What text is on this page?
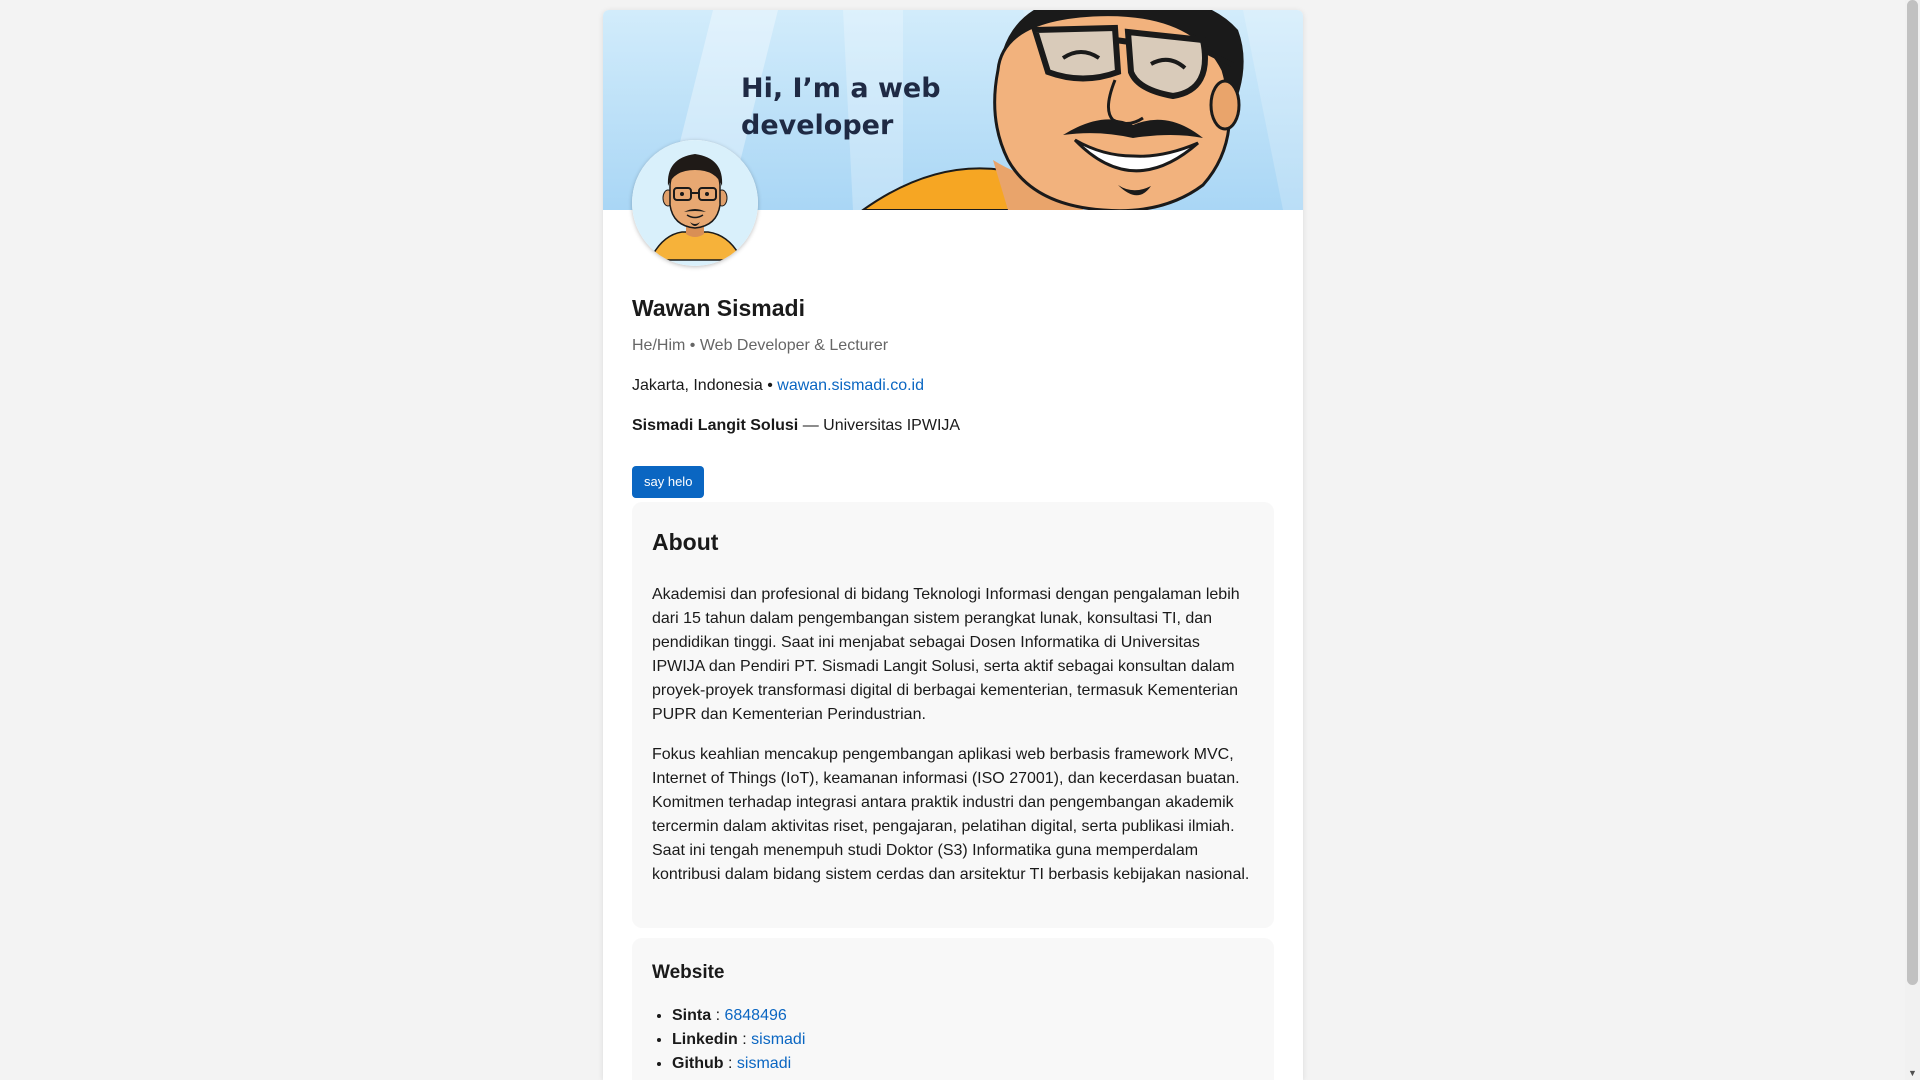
Hi, I’m a web developer
Wawan Sismadi

He/Him • Web Developer & Lecturer

Jakarta, Indonesia • wawan.sismadi.co.id

Sismadi Langit Solusi — Universitas IPWIJA

say helo
About

Akademisi dan profesional di bidang Teknologi Informasi dengan pengalaman lebih dari 15 tahun dalam pengembangan sistem perangkat lunak, konsultasi TI, dan pendidikan tinggi. Saat ini menjabat sebagai Dosen Informatika di Universitas IPWIJA dan Pendiri PT. Sismadi Langit Solusi, serta aktif sebagai konsultan dalam proyek-proyek transformasi digital di berbagai kementerian, termasuk Kementerian PUPR dan Kementerian Perindustrian.

Fokus keahlian mencakup pengembangan aplikasi web berbasis framework MVC, Internet of Things (IoT), keamanan informasi (ISO 27001), dan kecerdasan buatan. Komitmen terhadap integrasi antara praktik industri dan pengembangan akademik tercermin dalam aktivitas riset, pengajaran, pelatihan digital, serta publikasi ilmiah. Saat ini tengah menempuh studi Doktor (S3) Informatika guna memperdalam kontribusi dalam bidang sistem cerdas dan arsitektur TI berbasis kebijakan nasional.

Website
• Sinta : 6848496
• Linkedin : sismadi
• Github : sismadi
▼
